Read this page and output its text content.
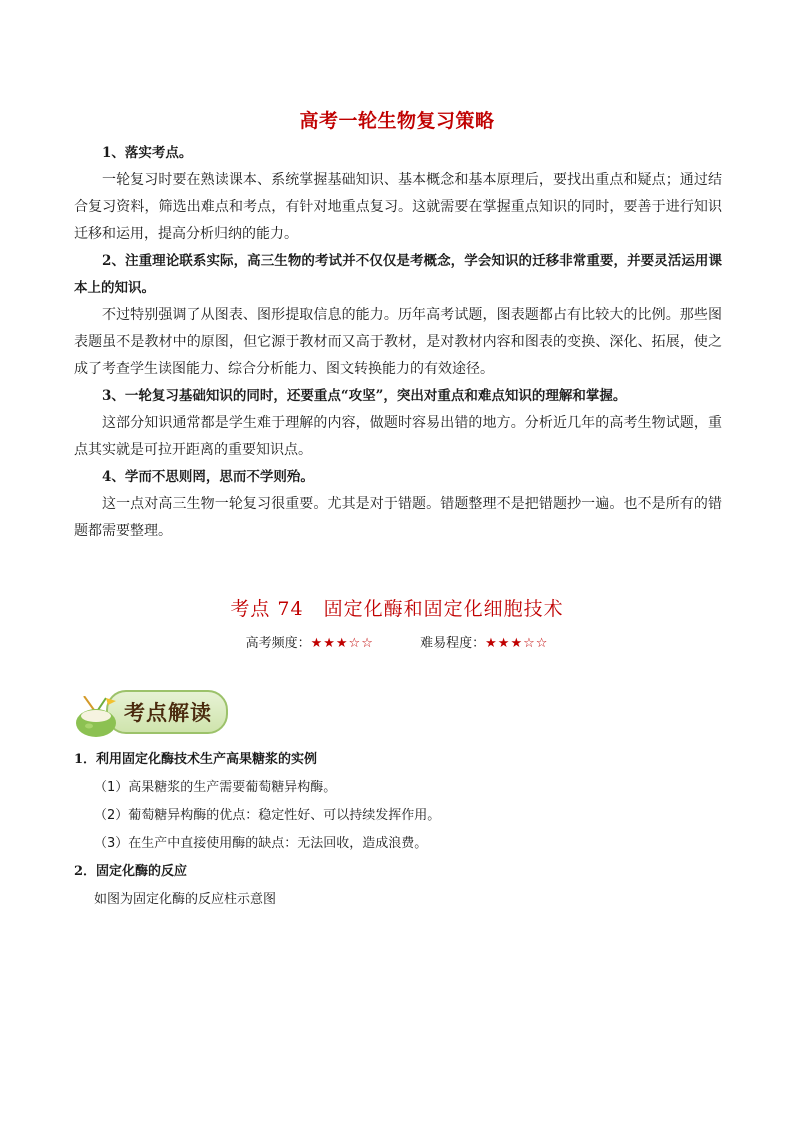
高考一轮生物复习策略
1、落实考点。
一轮复习时要在熟读课本、系统掌握基础知识、基本概念和基本原理后，要找出重点和疑点；通过结合复习资料，筛选出难点和考点，有针对地重点复习。这就需要在掌握重点知识的同时，要善于进行知识迁移和运用，提高分析归纳的能力。
2、注重理论联系实际，高三生物的考试并不仅仅是考概念，学会知识的迁移非常重要，并要灵活运用课本上的知识。
不过特别强调了从图表、图形提取信息的能力。历年高考试题，图表题都占有比较大的比例。那些图表题虽不是教材中的原图，但它源于教材而又高于教材，是对教材内容和图表的变换、深化、拓展，使之成了考查学生读图能力、综合分析能力、图文转换能力的有效途径。
3、一轮复习基础知识的同时，还要重点“攻坚”，突出对重点和难点知识的理解和掌握。
这部分知识通常都是学生难于理解的内容，做题时容易出错的地方。分析近几年的高考生物试题，重点其实就是可拉开距离的重要知识点。
4、学而不思则罔，思而不学则殆。
这一点对高三生物一轮复习很重要。尤其是对于错题。错题整理不是把错题抄一遍。也不是所有的错题都需要整理。
考点 74　固定化酶和固定化细胞技术
高考频度：★★★☆☆	难易程度：★★★☆☆
考点解读
1．利用固定化酶技术生产高果糖浆的实例
（1）高果糖浆的生产需要葡萄糖异构酶。
（2）葡萄糖异构酶的优点：稳定性好、可以持续发挥作用。
（3）在生产中直接使用酶的缺点：无法回收，造成浪费。
2．固定化酶的反应
如图为固定化酶的反应柱示意图
